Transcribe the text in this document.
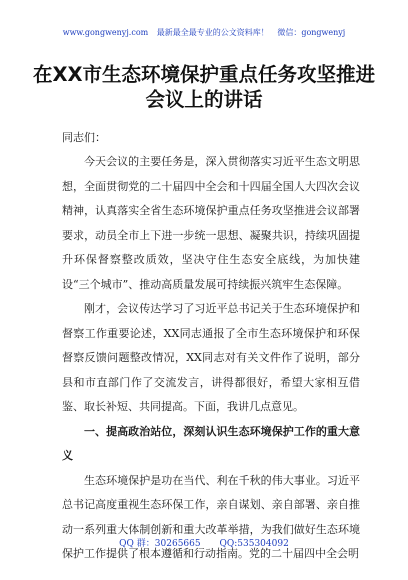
www.gongwenyj.com 最新最全最专业的公文资料库！ 微信：gongwenyj
在XX市生态环境保护重点任务攻坚推进
会议上的讲话
同志们：

今天会议的主要任务是，深入贯彻落实习近平生态文明思想，全面贯彻党的二十届四中全会和十四届全国人大四次会议精神，认真落实全省生态环境保护重点任务攻坚推进会议部署要求，动员全市上下进一步统一思想、凝聚共识，持续巩固提升环保督察整改质效，坚决守住生态安全底线，为加快建设“三个城市”、推动高质量发展可持续振兴筑牢生态保障。

刚才，会议传达学习了习近平总书记关于生态环境保护和督察工作重要论述，XX同志通报了全市生态环境保护和环保督察反馈问题整改情况，XX同志对有关文件作了说明，部分县和市直部门作了交流发言，讲得都很好，希望大家相互借鉴、取长补短、共同提高。下面，我讲几点意见。

一、提高政治站位，深刻认识生态环境保护工作的重大意义

生态环境保护是功在当代、利在千秋的伟大事业。习近平总书记高度重视生态环保工作，亲自谋划、亲自部署、亲自推动一系列重大体制创新和重大改革举措，为我们做好生态环境保护工作提供了根本遵循和行动指南。党的二十届四中全会明

QQ 群：30265665 QQ:535304092
